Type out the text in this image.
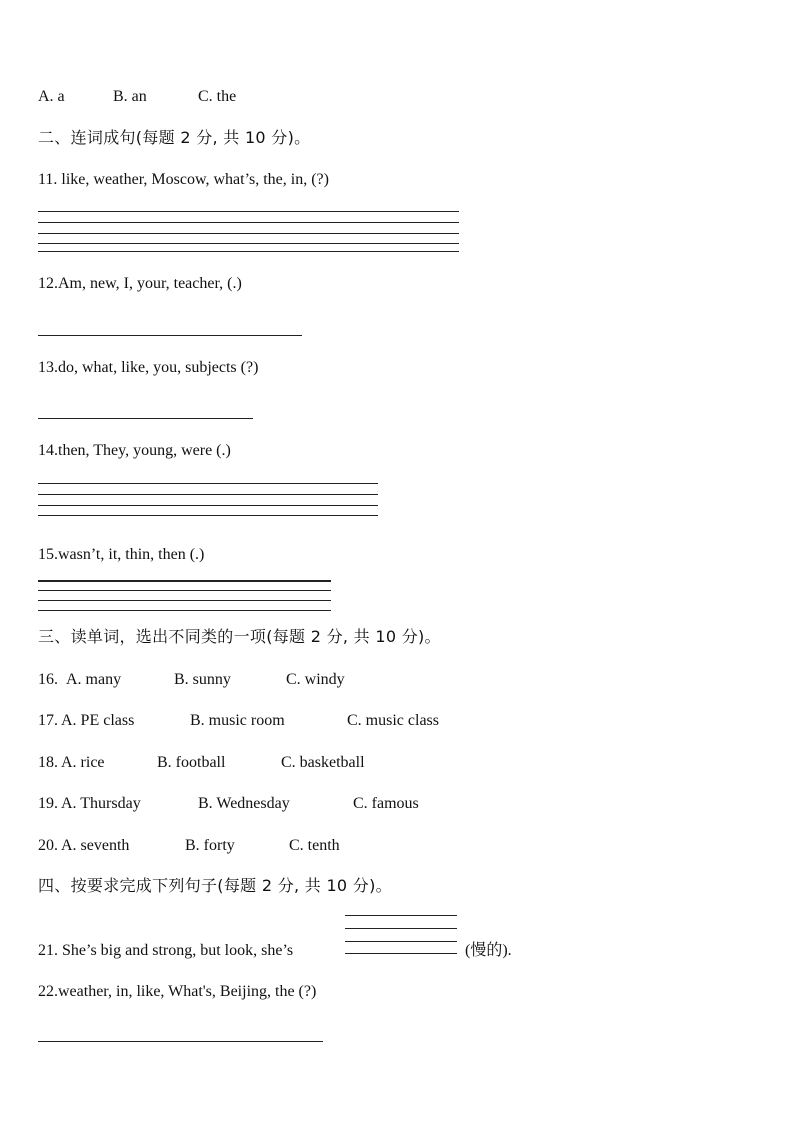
A. a	B. an	C. the
二、连词成句(每题 2 分, 共 10 分)。
11. like, weather, Moscow, what’s, the, in, (?)
12.Am, new, I, your, teacher, (.)
13.do, what, like, you, subjects (?)
14.then, They, young, were (.)
15.wasn’t, it, thin, then (.)
三、读单词，选出不同类的一项(每题 2 分, 共 10 分)。
16. A. many	B. sunny	C. windy
17. A. PE class	B. music room	C. music class
18. A. rice	B. football	C. basketball
19. A. Thursday	B. Wednesday	C. famous
20. A. seventh	B. forty	C. tenth
四、按要求完成下列句子(每题 2 分, 共 10 分)。
21. She’s big and strong, but look, she’s	(慢的).
22.weather, in, like, What's, Beijing, the (?)
